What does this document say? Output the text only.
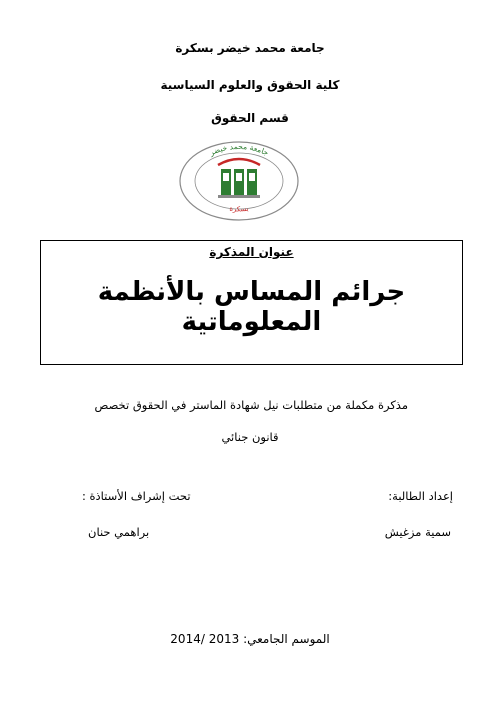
جامعة محمد خيضر بسكرة
كلية الحقوق والعلوم السياسية
قسم الحقوق
جامعة محمد خيضر
بسكرة
عنوان المذكرة
جرائم المساس بالأنظمة المعلوماتية
مذكرة مكملة من متطلبات نيل شهادة الماستر في الحقوق تخصص
قانون جنائي
إعداد الطالبة:
تحت إشراف الأستاذة :
سمية مزغيش
براهمي حنان
الموسم الجامعي: 2013 /2014
